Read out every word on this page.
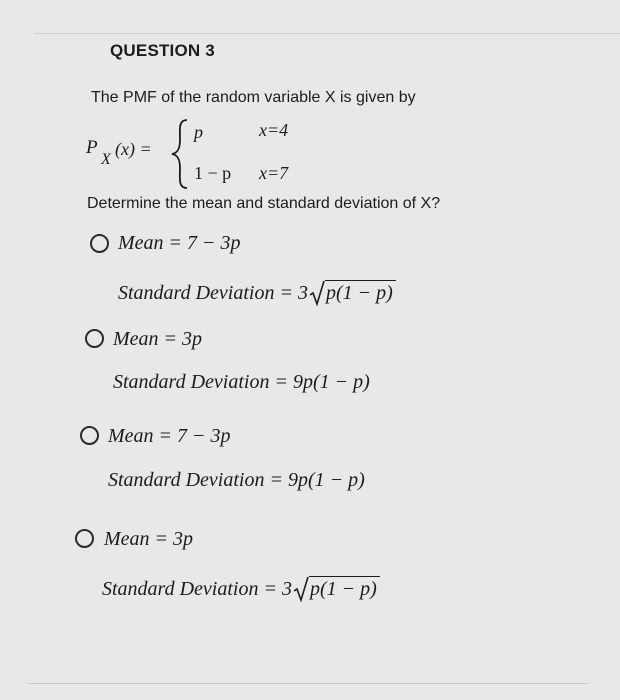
QUESTION 3
The PMF of the random variable X is given by
P
X
(x) =
p	x=4
1 − p x=7
Determine the mean and standard deviation of X?
Mean = 7 − 3p
Standard Deviation = 3 p(1 − p)
Mean = 3p
Standard Deviation = 9p(1 − p)
Mean = 7 − 3p
Standard Deviation = 9p(1 − p)
Mean = 3p
Standard Deviation = 3 p(1 − p)
